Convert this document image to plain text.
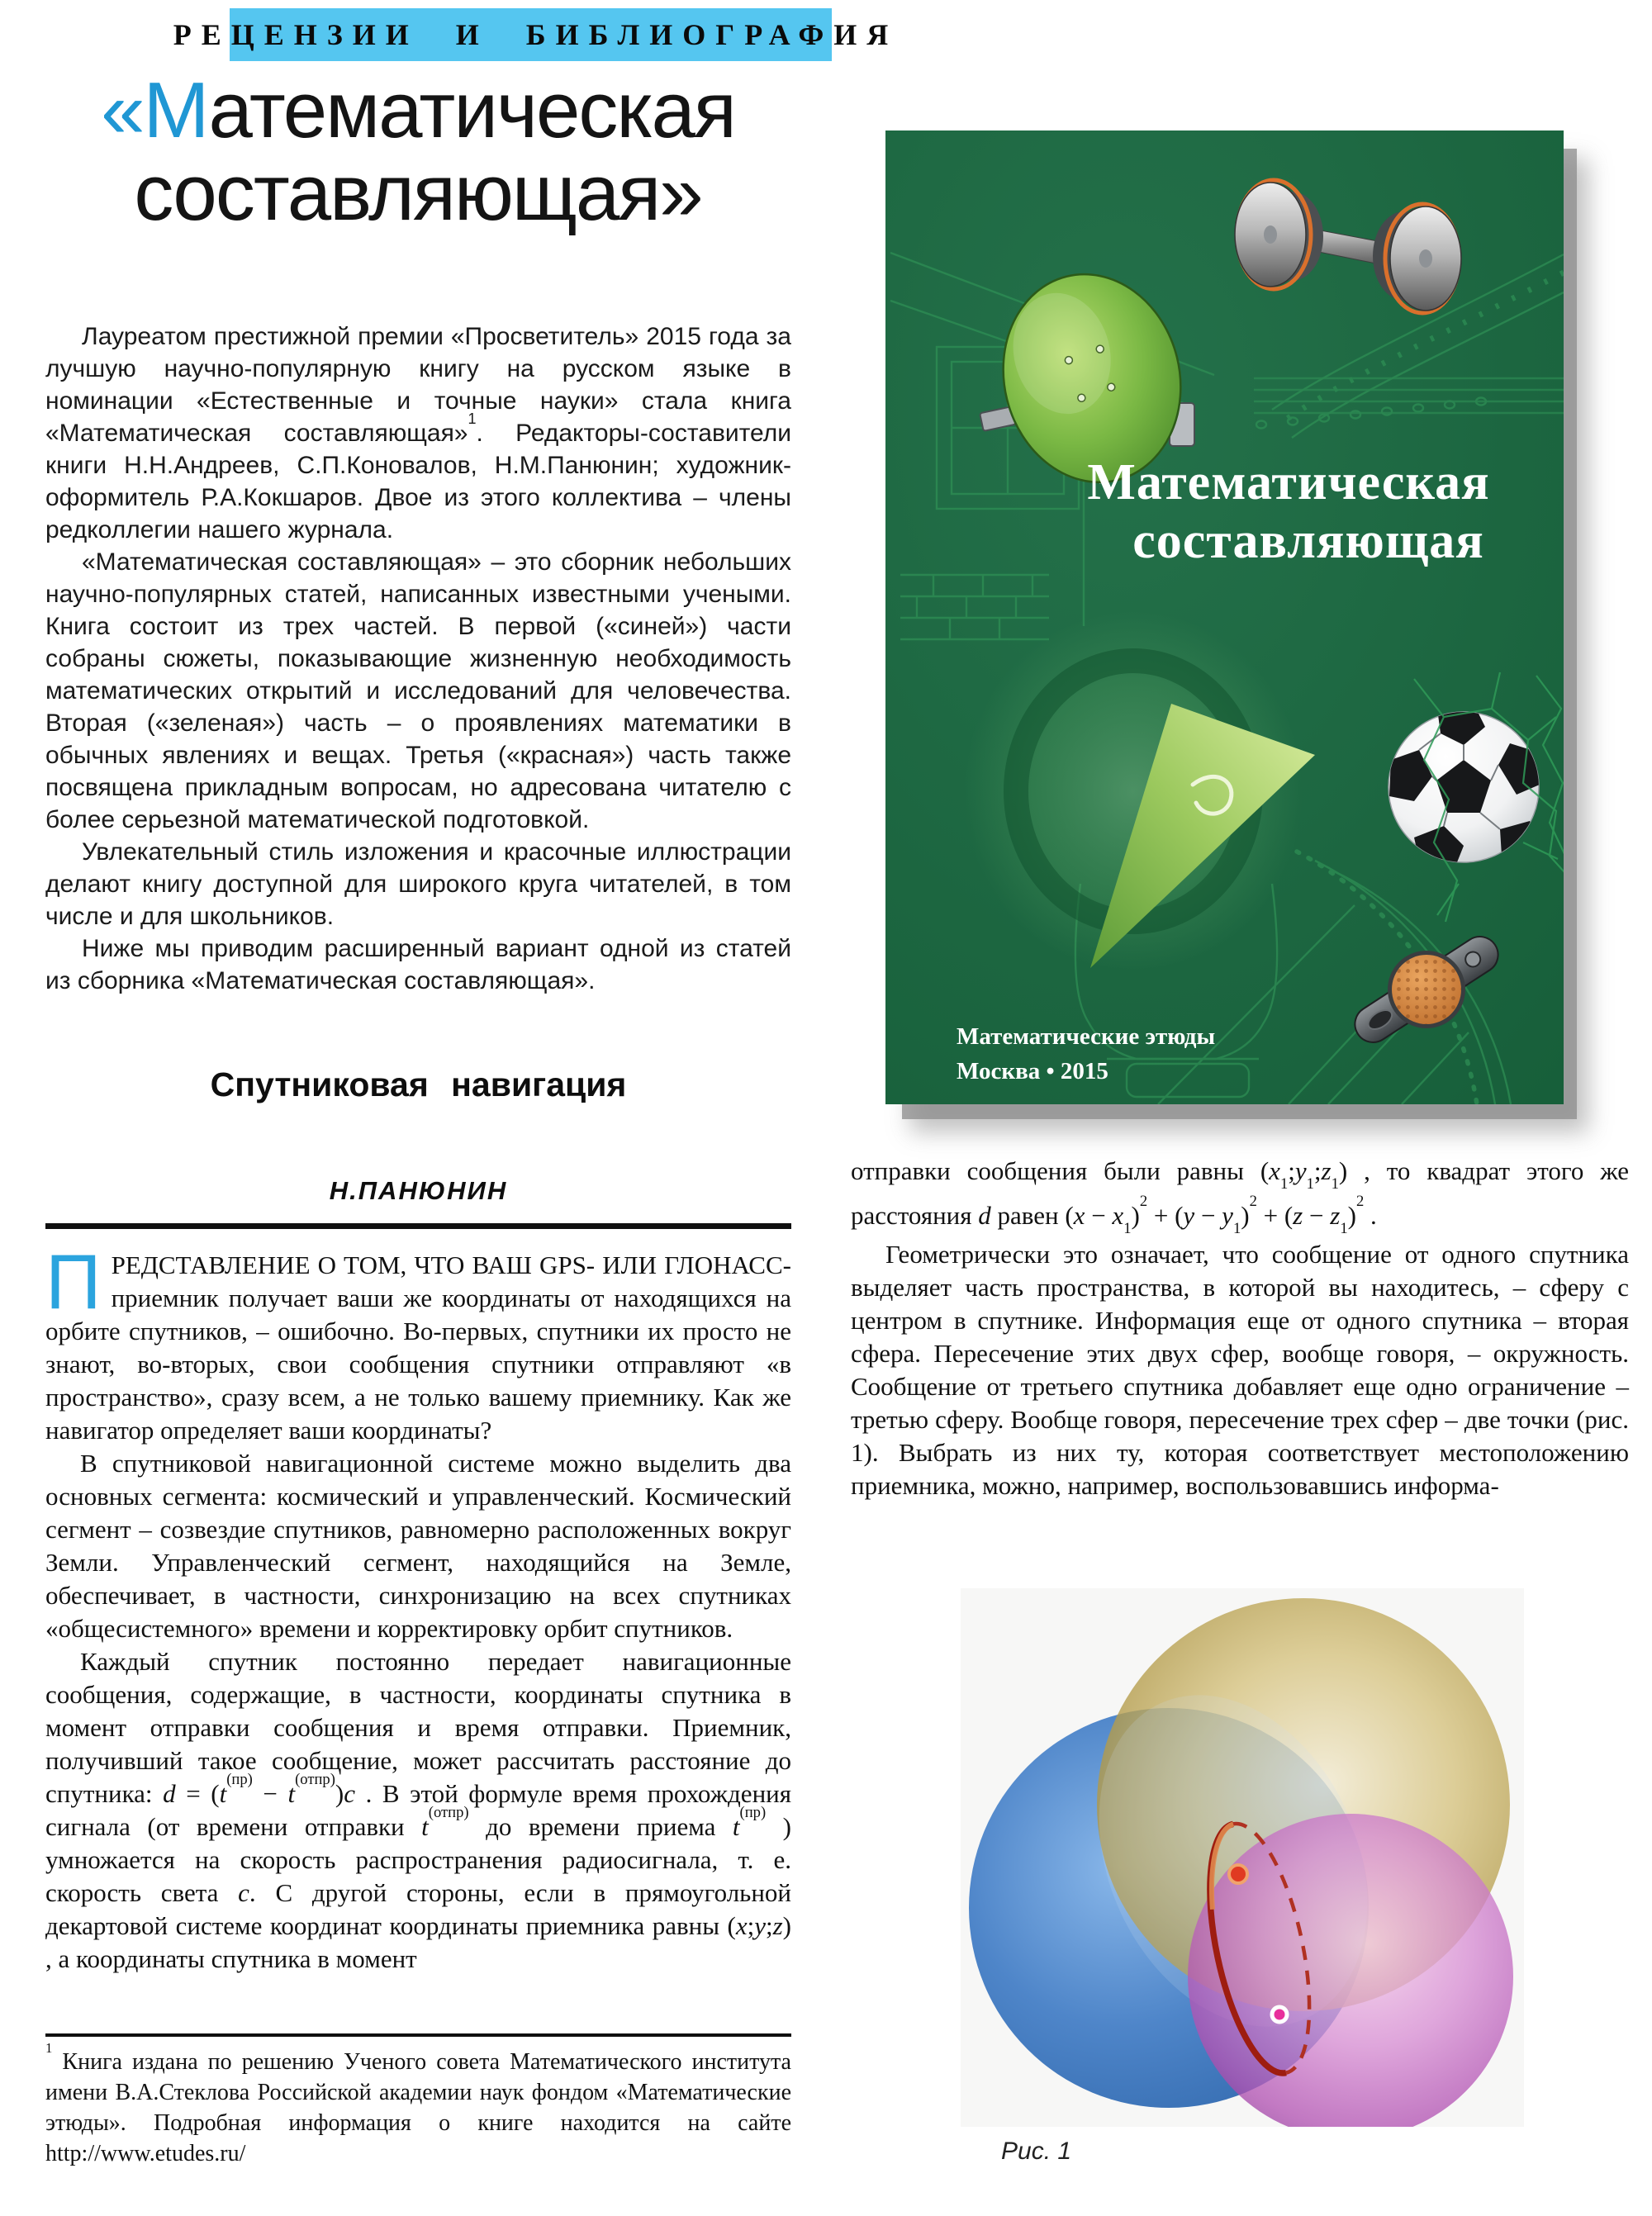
РЕЦЕНЗИИ И БИБЛИОГРАФИЯ
«Математическая
составляющая»

Лауреатом престижной премии «Просветитель» 2015 года за лучшую научно-популярную книгу на русском языке в номинации «Естественные и точные науки» стала книга «Математическая составляющая»$^1$. Редакторы-составители книги Н.Н.Андреев, С.П.Коновалов, Н.М.Панюнин; художник-оформитель Р.А.Кокшаров. Двое из этого коллектива – члены редколлегии нашего журнала.

«Математическая составляющая» – это сборник небольших научно-популярных статей, написанных известными учеными. Книга состоит из трех частей. В первой («синей») части собраны сюжеты, показывающие жизненную необходимость математических открытий и исследований для человечества. Вторая («зеленая») часть – о проявлениях математики в обычных явлениях и вещах. Третья («красная») часть также посвящена прикладным вопросам, но адресована читателю с более серьезной математической подготовкой.

Увлекательный стиль изложения и красочные иллюстрации делают книгу доступной для широкого круга читателей, в том числе и для школьников.

Ниже мы приводим расширенный вариант одной из статей из сборника «Математическая составляющая».

Спутниковая навигация
Н.ПАНЮНИН

ПРЕДСТАВЛЕНИЕ О ТОМ, ЧТО ВАШ GPS- ИЛИ ГЛОНАСС-приемник получает ваши же координаты от находящихся на орбите спутников, – ошибочно. Во-первых, спутники их просто не знают, во-вторых, свои сообщения спутники отправляют «в пространство», сразу всем, а не только вашему приемнику. Как же навигатор определяет ваши координаты?

В спутниковой навигационной системе можно выделить два основных сегмента: космический и управленческий. Космический сегмент – созвездие спутников, равномерно расположенных вокруг Земли. Управленческий сегмент, находящийся на Земле, обеспечивает, в частности, синхронизацию на всех спутниках «общесистемного» времени и корректировку орбит спутников.

Каждый спутник постоянно передает навигационные сообщения, содержащие, в частности, координаты спутника в момент отправки сообщения и время отправки. Приемник, получивший такое сообщение, может рассчитать расстояние до спутника: $d = (t^{(пр)} - t^{(отпр)})c$ . В этой формуле время прохождения сигнала (от времени отправки $t^{(отпр)}$ до времени приема $t^{(пр)}$ ) умножается на скорость распространения радиосигнала, т. е. скорость света c. С другой стороны, если в прямоугольной декартовой системе координат координаты приемника равны (x;y;z) , а координаты спутника в момент

$^1$ Книга издана по решению Ученого совета Математического института имени В.А.Стеклова Российской академии наук фондом «Математические этюды». Подробная информация о книге находится на сайте http://www.etudes.ru/

отправки сообщения были равны $(x_1;y_1;z_1)$ , то квадрат этого же расстояния d равен $(x - x_1)^2 + (y - y_1)^2 + (z - z_1)^2$ .

Геометрически это означает, что сообщение от одного спутника выделяет часть пространства, в которой вы находитесь, – сферу с центром в спутнике. Информация еще от одного спутника – вторая сфера. Пересечение этих двух сфер, вообще говоря, – окружность. Сообщение от третьего спутника добавляет еще одно ограничение – третью сферу. Вообще говоря, пересечение трех сфер – две точки (рис. 1). Выбрать из них ту, которая соответствует местоположению приемника, можно, например, воспользовавшись информа-

Математическая
составляющая
Математические этюды
Москва • 2015
Рис. 1
